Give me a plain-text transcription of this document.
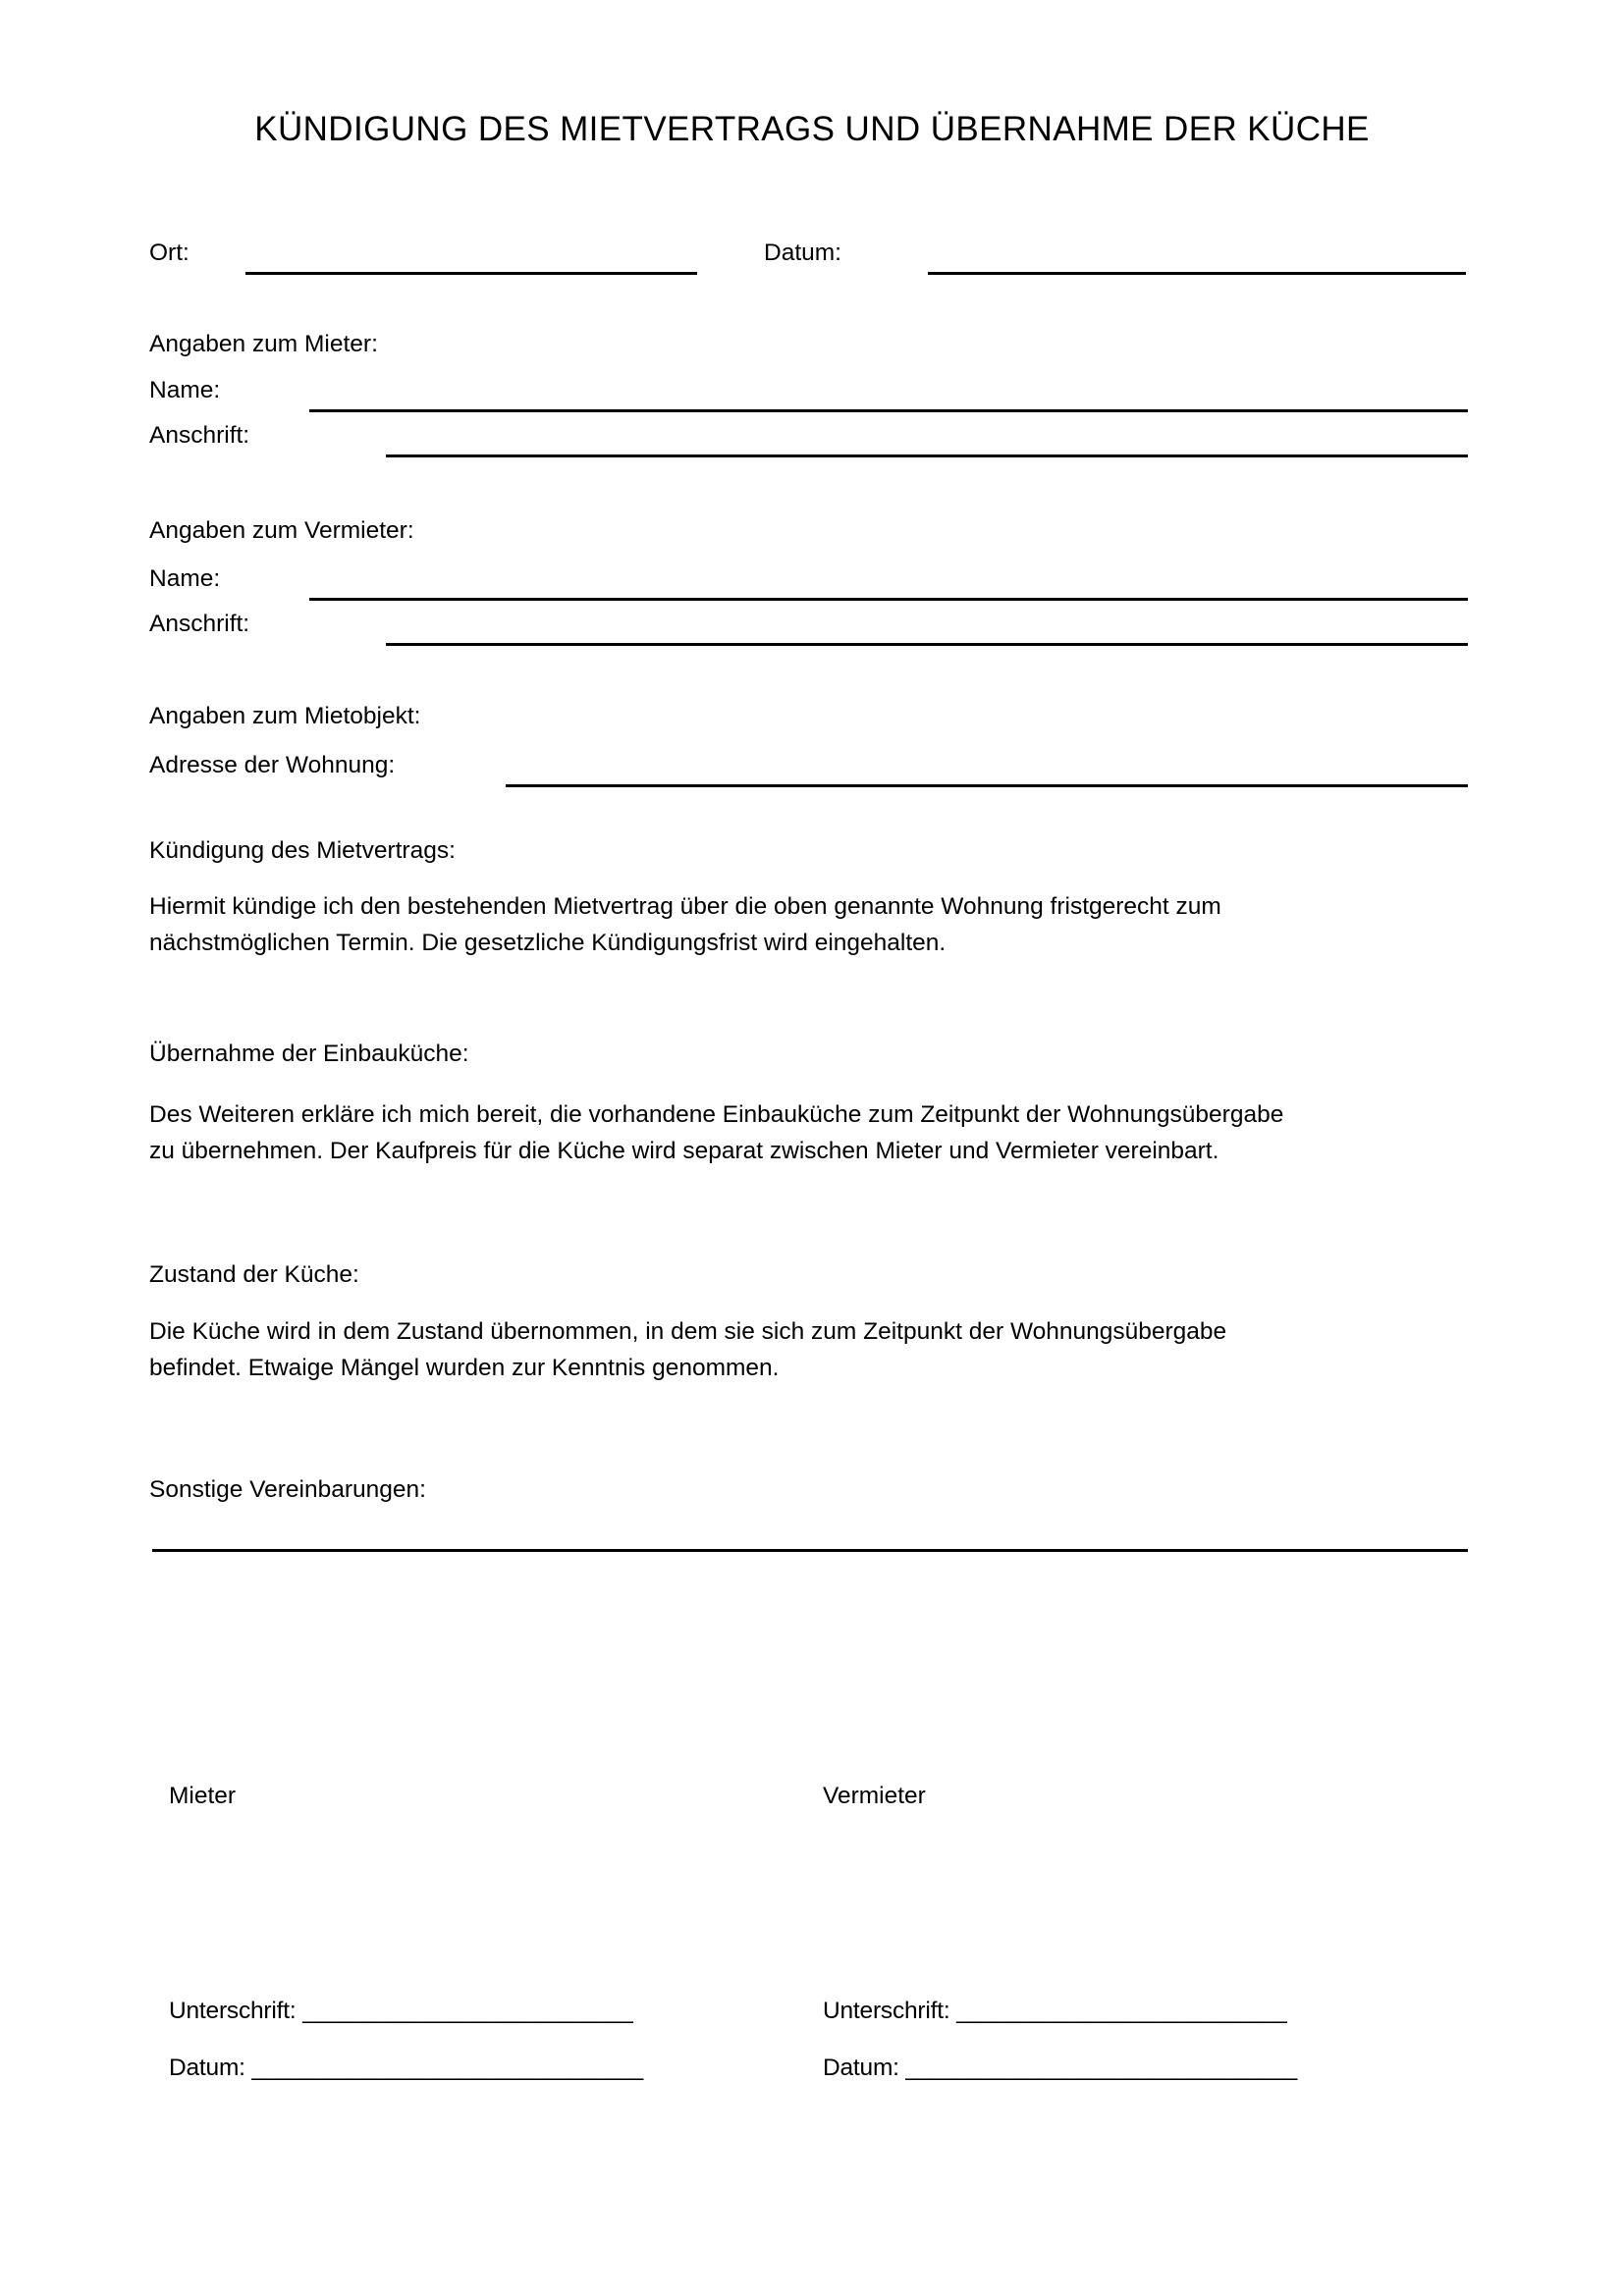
KÜNDIGUNG DES MIETVERTRAGS UND ÜBERNAHME DER KÜCHE
Ort:	Datum:
Angaben zum Mieter:
Name:
Anschrift:
Angaben zum Vermieter:
Name:
Anschrift:
Angaben zum Mietobjekt:
Adresse der Wohnung:
Kündigung des Mietvertrags:
Hiermit kündige ich den bestehenden Mietvertrag über die oben genannte Wohnung fristgerecht zum
nächstmöglichen Termin. Die gesetzliche Kündigungsfrist wird eingehalten.
Übernahme der Einbauküche:
Des Weiteren erkläre ich mich bereit, die vorhandene Einbauküche zum Zeitpunkt der Wohnungsübergabe
zu übernehmen. Der Kaufpreis für die Küche wird separat zwischen Mieter und Vermieter vereinbart.
Zustand der Küche:
Die Küche wird in dem Zustand übernommen, in dem sie sich zum Zeitpunkt der Wohnungsübergabe
befindet. Etwaige Mängel wurden zur Kenntnis genommen.
Sonstige Vereinbarungen:
Mieter	Vermieter
Unterschrift: ___________________________
Datum: ________________________________
Unterschrift: ___________________________
Datum: ________________________________
